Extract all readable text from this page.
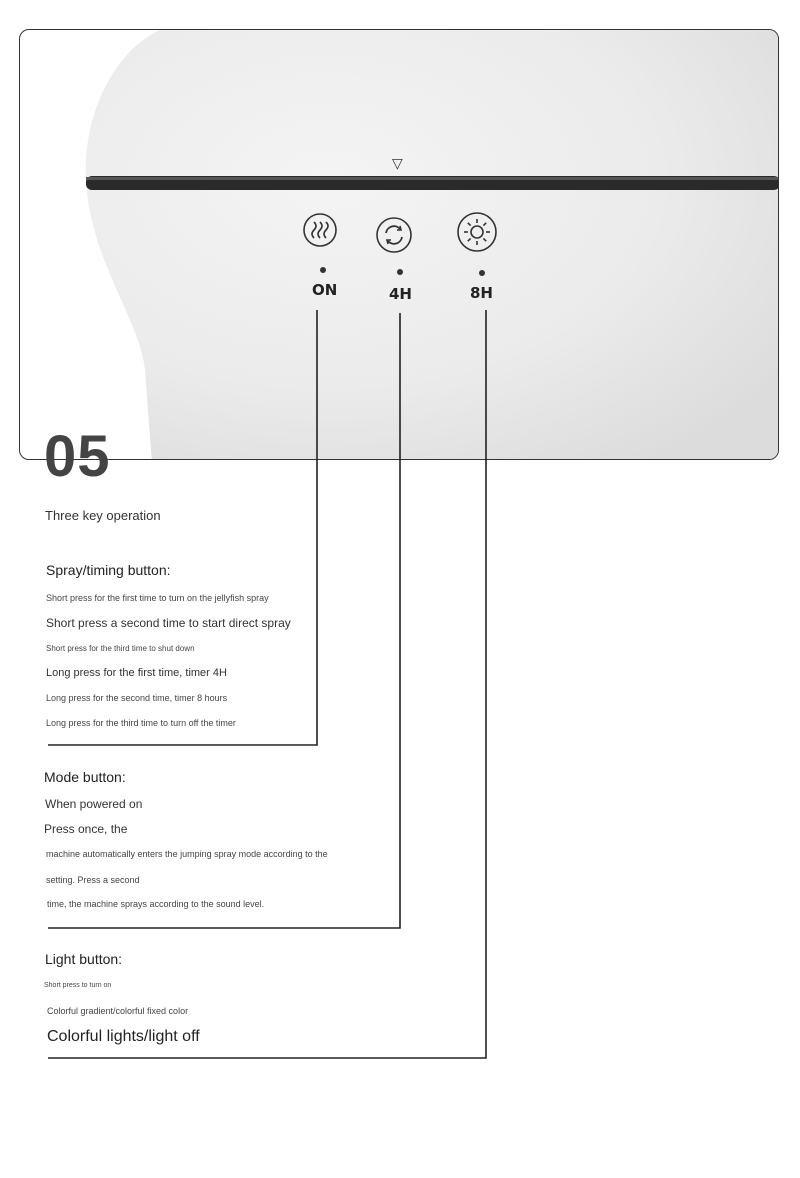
▽
ON	4H	8H
05
Three key operation
Spray/timing button:
Short press for the first time to turn on the jellyfish spray
Short press a second time to start direct spray
Short press for the third time to shut down
Long press for the first time, timer 4H
Long press for the second time, timer 8 hours
Long press for the third time to turn off the timer
Mode button:
When powered on
Press once, the
machine automatically enters the jumping spray mode according to the
setting. Press a second
time, the machine sprays according to the sound level.
Light button:
Short press to turn on
Colorful gradient/colorful fixed color
Colorful lights/light off
